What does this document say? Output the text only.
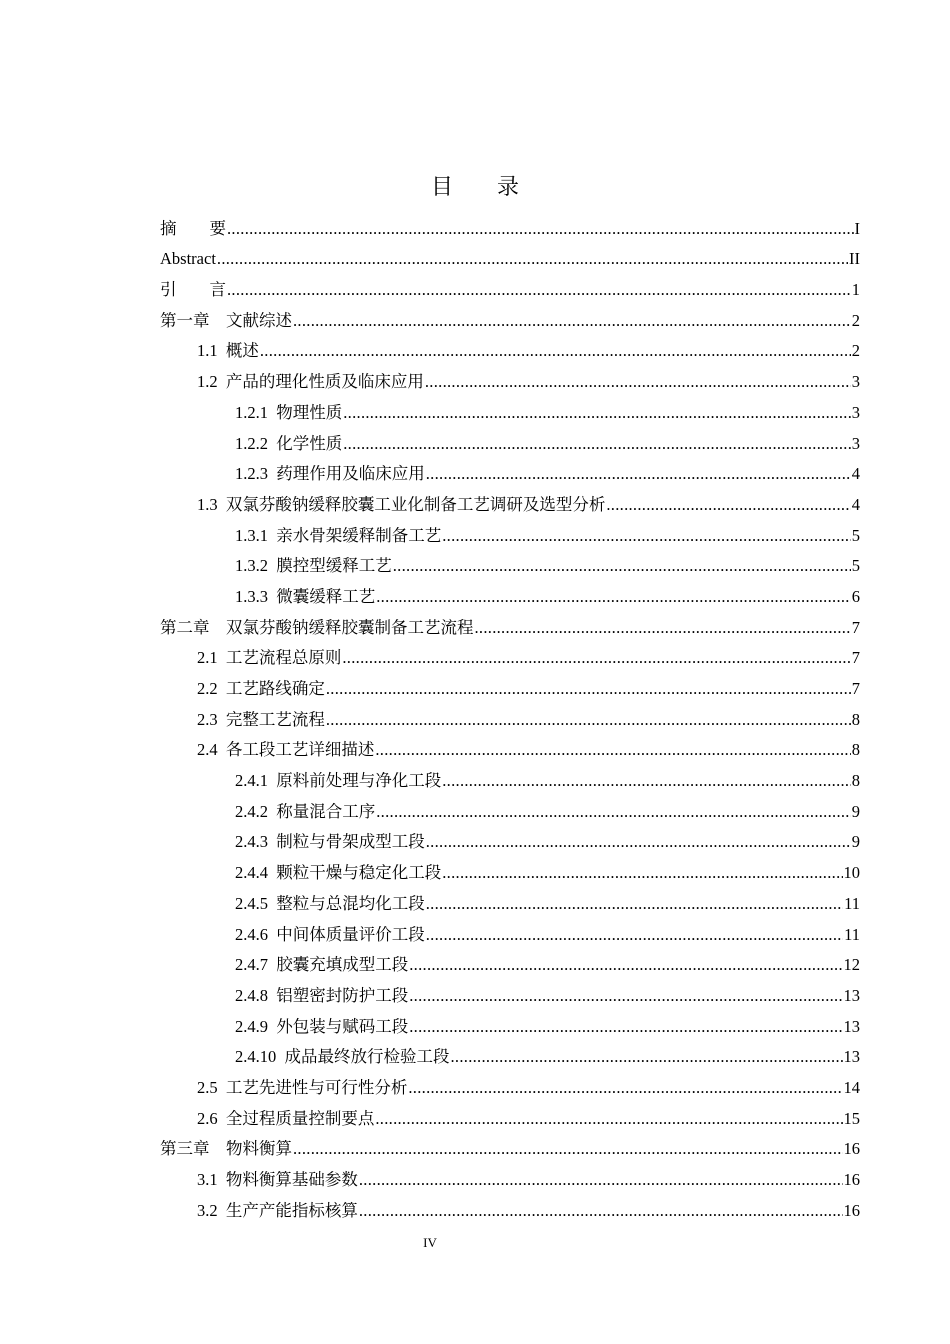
目 录
摘　　要 .....	I
Abstract .....	II
引　　言 .....	1
第一章　文献综述 .....	2
1.1  概述 .....	2
1.2  产品的理化性质及临床应用 .....	3
1.2.1  物理性质 .....	3
1.2.2  化学性质 .....	3
1.2.3  药理作用及临床应用 .....	4
1.3  双氯芬酸钠缓释胶囊工业化制备工艺调研及选型分析 .....	4
1.3.1  亲水骨架缓释制备工艺 .....	5
1.3.2  膜控型缓释工艺 .....	5
1.3.3  微囊缓释工艺 .....	6
第二章　双氯芬酸钠缓释胶囊制备工艺流程 .....	7
2.1  工艺流程总原则 .....	7
2.2  工艺路线确定 .....	7
2.3  完整工艺流程 .....	8
2.4  各工段工艺详细描述 .....	8
2.4.1  原料前处理与净化工段 .....	8
2.4.2  称量混合工序 .....	9
2.4.3  制粒与骨架成型工段 .....	9
2.4.4  颗粒干燥与稳定化工段 .....	10
2.4.5  整粒与总混均化工段 .....	11
2.4.6  中间体质量评价工段 .....	11
2.4.7  胶囊充填成型工段 .....	12
2.4.8  铝塑密封防护工段 .....	13
2.4.9  外包装与赋码工段 .....	13
2.4.10  成品最终放行检验工段 .....	13
2.5  工艺先进性与可行性分析 .....	14
2.6  全过程质量控制要点 .....	15
第三章　物料衡算 .....	16
3.1  物料衡算基础参数 .....	16
3.2  生产产能指标核算 .....	16
IV
